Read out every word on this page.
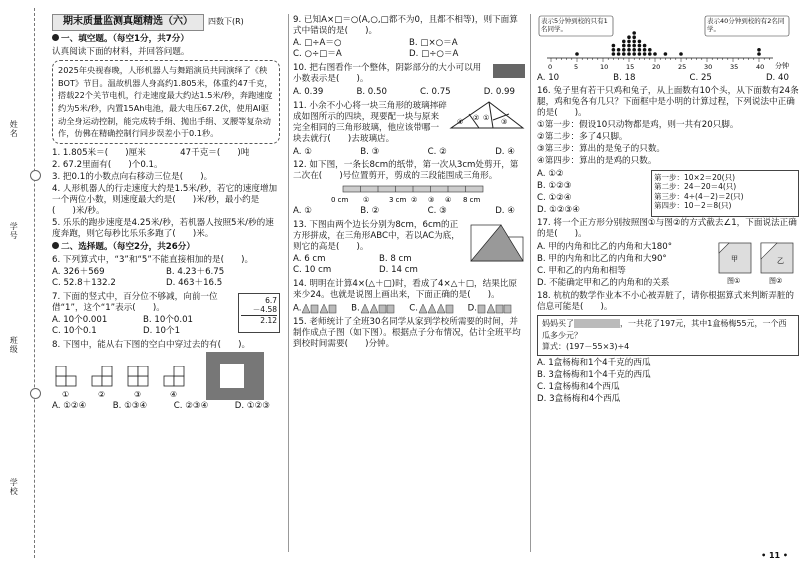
姓名
学号
班级
学校
期末质量监测真题精选（六）	四数下(R)
一、填空题。（每空1分，共7分）
认真阅读下面的材料，并回答问题。
2025年央视春晚，人形机器人与舞蹈演员共同演绎了《秧BOT》节目。温故机器人身高约1.805米，体重约47千克，搭载22个关节电机，行走速度最大约达1.5米/秒，奔跑速度约为5米/秒，内置15Ah电池，最大电压67.2伏，使用AI驱动全身运动控制，能完成转手绢、抛出手绢、叉腰等复杂动作，仿佛在精确控制行同步误差小于0.1秒。
1. 1.805米＝(　　)厘米　　　　47千克＝(　　)吨
2. 67.2里面有(　　)个0.1。
3. 把0.1的小数点向右移动三位是(　　)。
4. 人形机器人的行走速度大约是1.5米/秒，若它的速度增加一个两位小数，则速度最大约是(　　)米/秒，最小约是(　　)米/秒。
5. 乐乐的跑步速度是4.25米/秒，若机器人按照5米/秒的速度奔跑，则它每秒比乐乐多跑了(　　)米。
二、选择题。（每空2分，共26分）
6. 下列算式中，“3”和“5”不能直接相加的是(　　)。
A. 326＋569	B. 4.23＋6.75
C. 52.8＋132.2	D. 463＋16.5
7. 下面的竖式中，百分位不够减，向前一位借“1”，这个“1”表示(　　)。
A. 10个0.001	B. 10个0.01
C. 10个0.1	D. 10个1
6.7
－4.58
2.12
8. 下图中，能从右下图的空白中穿过去的有(　　)。
①	②	③	④
A. ①②④	B. ①③④	C. ②③④	D. ①②③
9. 已知A×□＝○(A,○,□都不为0，且都不相等)，则下面算式中错误的是(　　)。
A. □÷A＝○	B. □×○＝A
C. ○÷□＝A	D. □÷○＝A
10. 把右图看作一个整体，阴影部分的大小可以用小数表示是(　　)。
A. 0.39	B. 0.50	C. 0.75	D. 0.99
11. 小余不小心将一块三角形的玻璃摔碎成如图所示的四块，现要配一块与原来完全相同的三角形玻璃，他应该带哪一块去就行(　　)去玻璃店。
④ ② ① ③
A. ①	B. ③	C. ②	D. ④
12. 如下图，一条长8cm的纸带，第一次从3cm处剪开，第二次在(　　)号位置剪开，剪成的三段能围成三角形。
0 cm ①	3 cm ② ③ ④ 8 cm
A. ①	B. ②	C. ③	D. ④
13. 下图由两个边长分别为8cm，6cm的正方形拼成，在三角形ABC中，若以AC为底，则它的高是(　　)。
A. 6 cm	B. 8 cm
C. 10 cm	D. 14 cm
14. 明明在计算4×(△＋□)时，看成了4×△＋□，结果比原来少24。也就是说图上画出来，下面正确的是(　　)。
A.	B.	C.	D.
15. 老师统计了全班30名同学从家到学校所需要的时间，并制作成点子图（如下图）。根据点子分布情况，估计全班平均到校时间需要(　　)分钟。
表示5分钟到校的只有1名同学。
表示40分钟到校的有2名同学。
0	5	10	15	20	25	30	35	40 分钟
A. 10	B. 18	C. 25	D. 40
16. 兔子里有若干只鸡和兔子，从上面数有10个头，从下面数有24条腿，鸡和兔各有几只？下面框中是小明的计算过程，下列说法中正确的是(　　)。
①第一步：假设10只动物都是鸡，则一共有20只脚。
②第二步：多了4只脚。
③第三步：算出的是兔子的只数。
④第四步：算出的是鸡的只数。
A. ①②
B. ①②③
C. ①②④
D. ①②③④
第一步：10×2＝20(只)
第二步：24－20＝4(只)
第三步：4÷(4－2)＝2(只)
第四步：10－2＝8(只)
17. 将一个正方形分别按照图①与图②的方式截去∠1，下面说法正确的是(　　)。
A. 甲的内角和比乙的内角和大180°
B. 甲的内角和比乙的内角和大90°
C. 甲和乙的内角和相等
D. 不能确定甲和乙的内角和的关系
甲	乙
图①	图②
18. 杭杭的数学作业本不小心被弄脏了，请你根据算式来判断弄脏的信息可能是(　　)。
妈妈买了	，一共花了197元，其中1盒杨梅55元，一个西瓜多少元？
算式：(197－55×3)÷4
A. 1盒杨梅和1个4千克的西瓜
B. 3盒杨梅和1个4千克的西瓜
C. 1盒杨梅和4个西瓜
D. 3盒杨梅和4个西瓜
• 11 •
